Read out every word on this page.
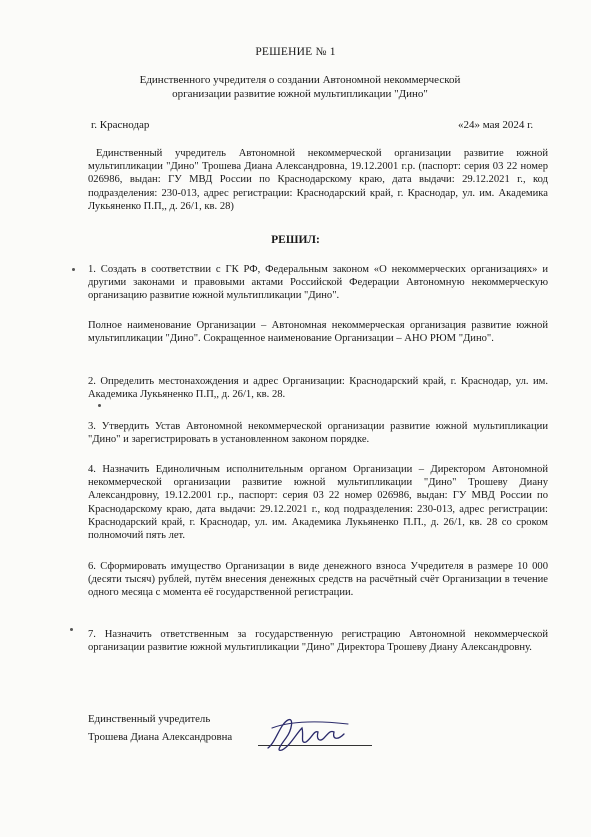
РЕШЕНИЕ № 1
Единственного учредителя о создании Автономной некоммерческой организации развитие южной мультипликации "Дино"
г. Краснодар	«24» мая 2024 г.
Единственный учредитель Автономной некоммерческой организации развитие южной мультипликации "Дино" Трошева Диана Александровна, 19.12.2001 г.р. (паспорт: серия 03 22 номер 026986, выдан: ГУ МВД России по Краснодарскому краю, дата выдачи: 29.12.2021 г., код подразделения: 230-013, адрес регистрации: Краснодарский край, г. Краснодар, ул. им. Академика Лукьяненко П.П,, д. 26/1, кв. 28)
РЕШИЛ:
1. Создать в соответствии с ГК РФ, Федеральным законом «О некоммерческих организациях» и другими законами и правовыми актами Российской Федерации Автономную некоммерческую организацию развитие южной мультипликации "Дино".
Полное наименование Организации – Автономная некоммерческая организация развитие южной мультипликации "Дино". Сокращенное наименование Организации – АНО РЮМ "Дино".
2. Определить местонахождения и адрес Организации: Краснодарский край, г. Краснодар, ул. им. Академика Лукьяненко П.П,, д. 26/1, кв. 28.
3. Утвердить Устав Автономной некоммерческой организации развитие южной мультипликации "Дино" и зарегистрировать в установленном законом порядке.
4. Назначить Единоличным исполнительным органом Организации – Директором Автономной некоммерческой организации развитие южной мультипликации "Дино" Трошеву Диану Александровну, 19.12.2001 г.р., паспорт: серия 03 22 номер 026986, выдан: ГУ МВД России по Краснодарскому краю, дата выдачи: 29.12.2021 г., код подразделения: 230-013, адрес регистрации: Краснодарский край, г. Краснодар, ул. им. Академика Лукьяненко П.П., д. 26/1, кв. 28 со сроком полномочий пять лет.
6. Сформировать имущество Организации в виде денежного взноса Учредителя в размере 10 000 (десяти тысяч) рублей, путём внесения денежных средств на расчётный счёт Организации в течение одного месяца с момента её государственной регистрации.
7. Назначить ответственным за государственную регистрацию Автономной некоммерческой организации развитие южной мультипликации "Дино" Директора Трошеву Диану Александровну.
Единственный учредитель
Трошева Диана Александровна
